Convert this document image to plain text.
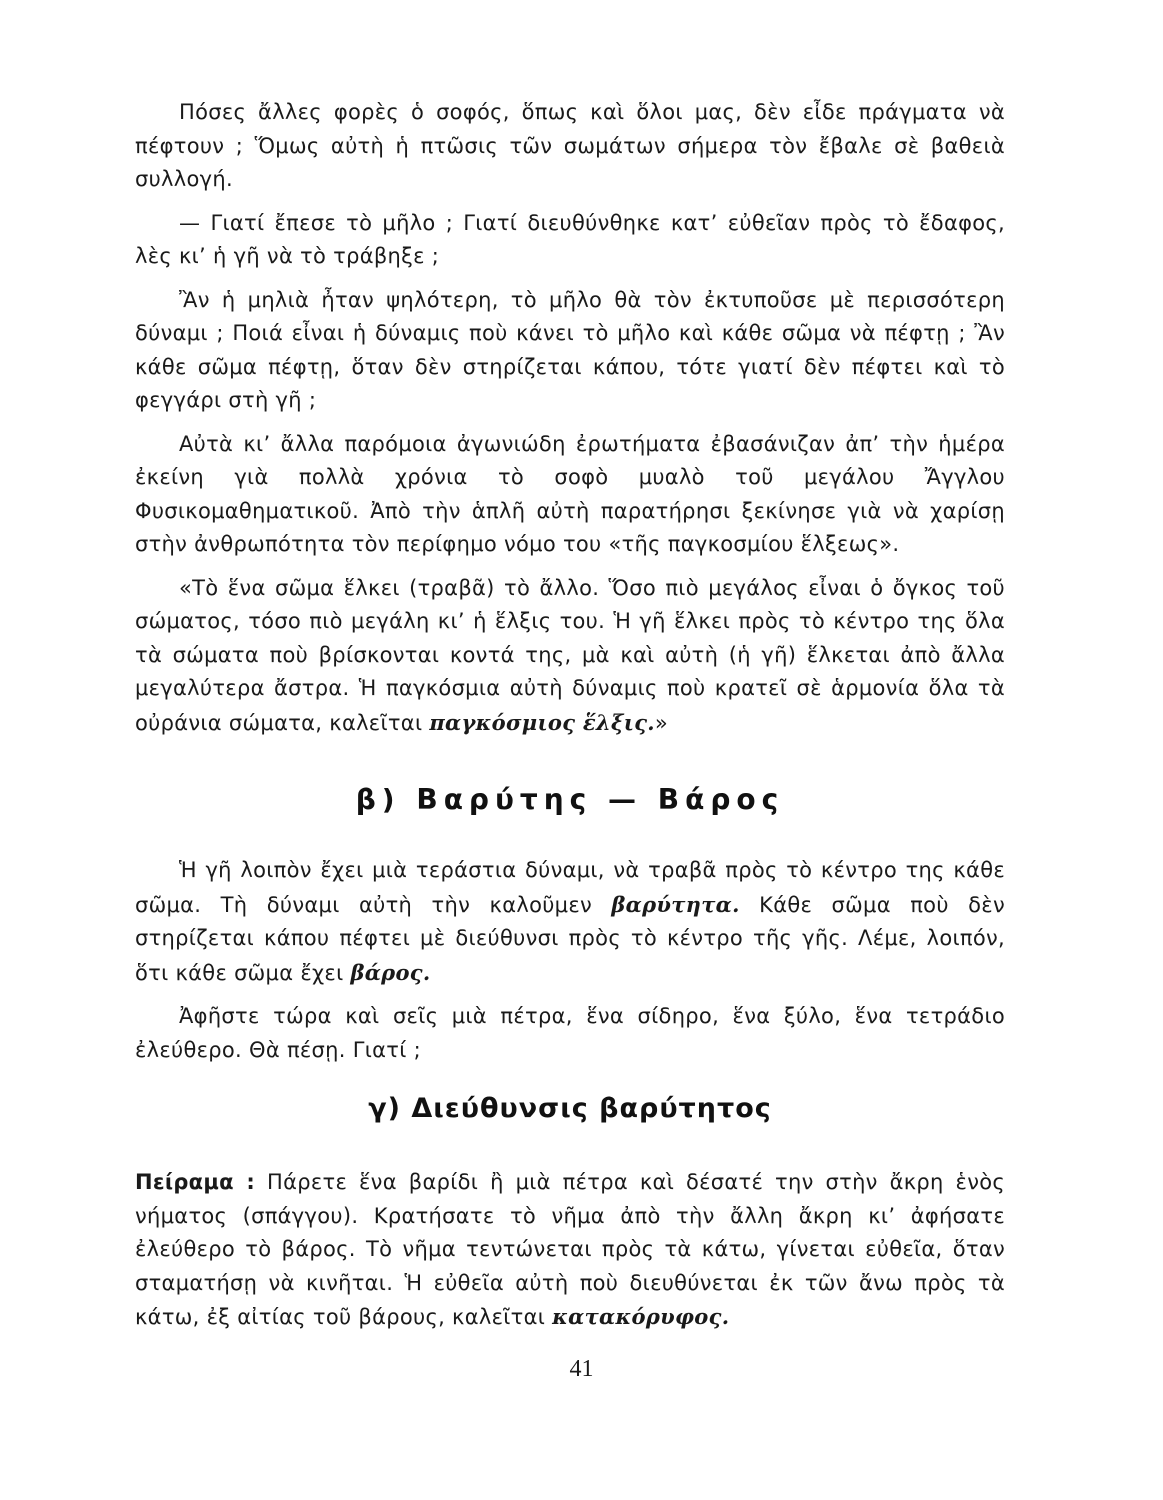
Πόσες ἄλλες φορὲς ὁ σοφός, ὅπως καὶ ὅλοι μας, δὲν εἶδε πράγματα νὰ πέφτουν ; Ὅμως αὐτὴ ἡ πτῶσις τῶν σωμάτων σήμερα τὸν ἔβαλε σὲ βαθειὰ συλλογή.

— Γιατί ἔπεσε τὸ μῆλο ; Γιατί διευθύνθηκε κατ’ εὐθεῖαν πρὸς τὸ ἔδαφος, λὲς κι’ ἡ γῆ νὰ τὸ τράβηξε ;

Ἂν ἡ μηλιὰ ἦταν ψηλότερη, τὸ μῆλο θὰ τὸν ἐκτυποῦσε μὲ περισσότερη δύναμι ; Ποιά εἶναι ἡ δύναμις ποὺ κάνει τὸ μῆλο καὶ κάθε σῶμα νὰ πέφτῃ ; Ἂν κάθε σῶμα πέφτῃ, ὅταν δὲν στηρίζεται κάπου, τότε γιατί δὲν πέφτει καὶ τὸ φεγγάρι στὴ γῆ ;

Αὐτὰ κι’ ἄλλα παρόμοια ἀγωνιώδη ἐρωτήματα ἐβασάνιζαν ἀπ’ τὴν ἡμέρα ἐκείνη γιὰ πολλὰ χρόνια τὸ σοφὸ μυαλὸ τοῦ μεγάλου Ἄγγλου Φυσικομαθηματικοῦ. Ἀπὸ τὴν ἁπλῆ αὐτὴ παρατήρησι ξεκίνησε γιὰ νὰ χαρίσῃ στὴν ἀνθρωπότητα τὸν περίφημο νόμο του «τῆς παγκοσμίου ἕλξεως».

«Τὸ ἕνα σῶμα ἕλκει (τραβᾶ) τὸ ἄλλο. Ὅσο πιὸ μεγάλος εἶναι ὁ ὄγκος τοῦ σώματος, τόσο πιὸ μεγάλη κι’ ἡ ἕλξις του. Ἡ γῆ ἕλκει πρὸς τὸ κέντρο της ὅλα τὰ σώματα ποὺ βρίσκονται κοντά της, μὰ καὶ αὐτὴ (ἡ γῆ) ἕλκεται ἀπὸ ἄλλα μεγαλύτερα ἄστρα. Ἡ παγκόσμια αὐτὴ δύναμις ποὺ κρατεῖ σὲ ἁρμονία ὅλα τὰ οὐράνια σώματα, καλεῖται παγκόσμιος ἕλξις.»

β) Βαρύτης — Βάρος

Ἡ γῆ λοιπὸν ἔχει μιὰ τεράστια δύναμι, νὰ τραβᾶ πρὸς τὸ κέντρο της κάθε σῶμα. Τὴ δύναμι αὐτὴ τὴν καλοῦμεν βαρύτητα. Κάθε σῶμα ποὺ δὲν στηρίζεται κάπου πέφτει μὲ διεύθυνσι πρὸς τὸ κέντρο τῆς γῆς. Λέμε, λοιπόν, ὅτι κάθε σῶμα ἔχει βάρος.

Ἀφῆστε τώρα καὶ σεῖς μιὰ πέτρα, ἕνα σίδηρο, ἕνα ξύλο, ἕνα τετράδιο ἐλεύθερο. Θὰ πέσῃ. Γιατί ;

γ) Διεύθυνσις βαρύτητος

Πείραμα : Πάρετε ἕνα βαρίδι ἢ μιὰ πέτρα καὶ δέσατέ την στὴν ἄκρη ἑνὸς νήματος (σπάγγου). Κρατήσατε τὸ νῆμα ἀπὸ τὴν ἄλλη ἄκρη κι’ ἀφήσατε ἐλεύθερο τὸ βάρος. Τὸ νῆμα τεντώνεται πρὸς τὰ κάτω, γίνεται εὐθεῖα, ὅταν σταματήσῃ νὰ κινῆται. Ἡ εὐθεῖα αὐτὴ ποὺ διευθύνεται ἐκ τῶν ἄνω πρὸς τὰ κάτω, ἐξ αἰτίας τοῦ βάρους, καλεῖται κατακόρυφος.

41
